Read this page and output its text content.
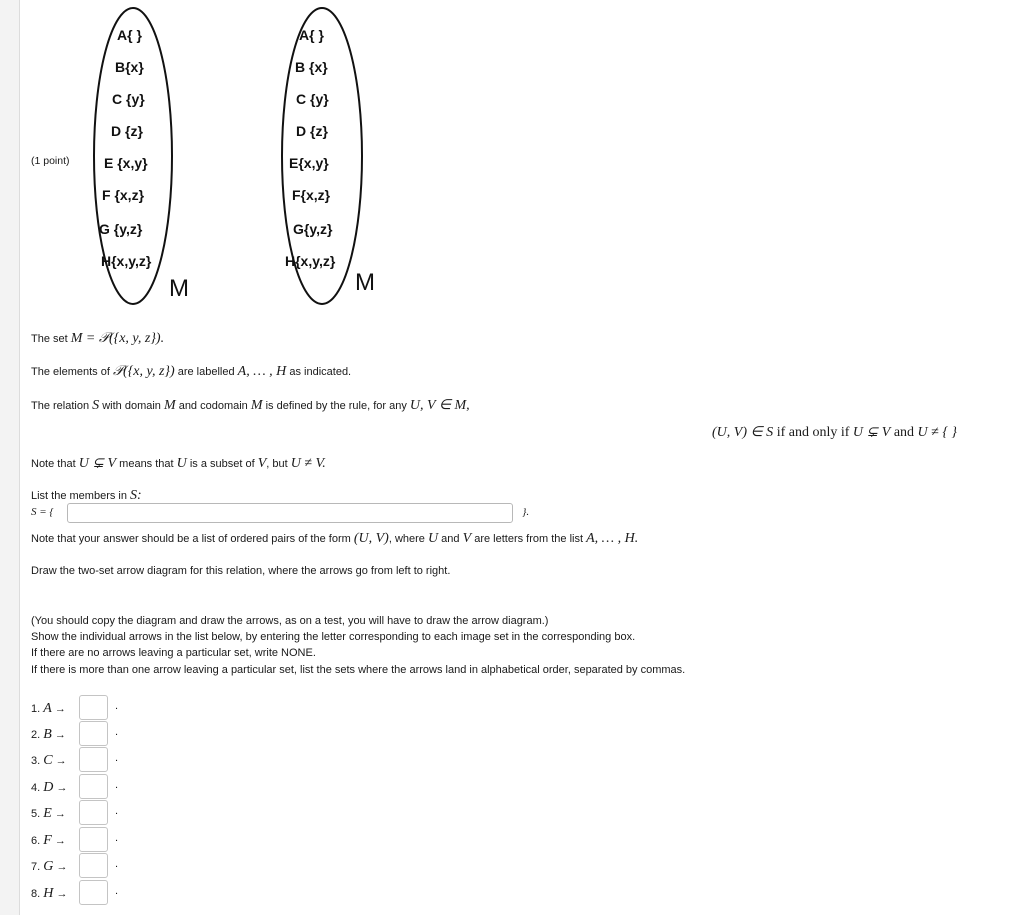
(1 point)
A{ }
B{x}
C {y}
D {z}
E {x,y}
F {x,z}
G {y,z}
H{x,y,z}
A{ }
B {x}
C {y}
D {z}
E{x,y}
F{x,z}
G{y,z}
H{x,y,z}
M	M
The set M = 𝒫({x, y, z}).
The elements of 𝒫({x, y, z}) are labelled A, … , H as indicated.
The relation S with domain M and codomain M is defined by the rule, for any U, V ∈ M,
(U, V) ∈ S if and only if U ⊊ V and U ≠ { }
Note that U ⊊ V means that U is a subset of V, but U ≠ V.
List the members in S:
S = {	}.
Note that your answer should be a list of ordered pairs of the form (U, V), where U and V are letters from the list A, … , H.
Draw the two-set arrow diagram for this relation, where the arrows go from left to right.
(You should copy the diagram and draw the arrows, as on a test, you will have to draw the arrow diagram.)
Show the individual arrows in the list below, by entering the letter corresponding to each image set in the corresponding box.
If there are no arrows leaving a particular set, write NONE.
If there is more than one arrow leaving a particular set, list the sets where the arrows land in alphabetical order, separated by commas.
1. A →	.
2. B →	.
3. C →	.
4. D →	.
5. E →	.
6. F →	.
7. G →	.
8. H →	.
